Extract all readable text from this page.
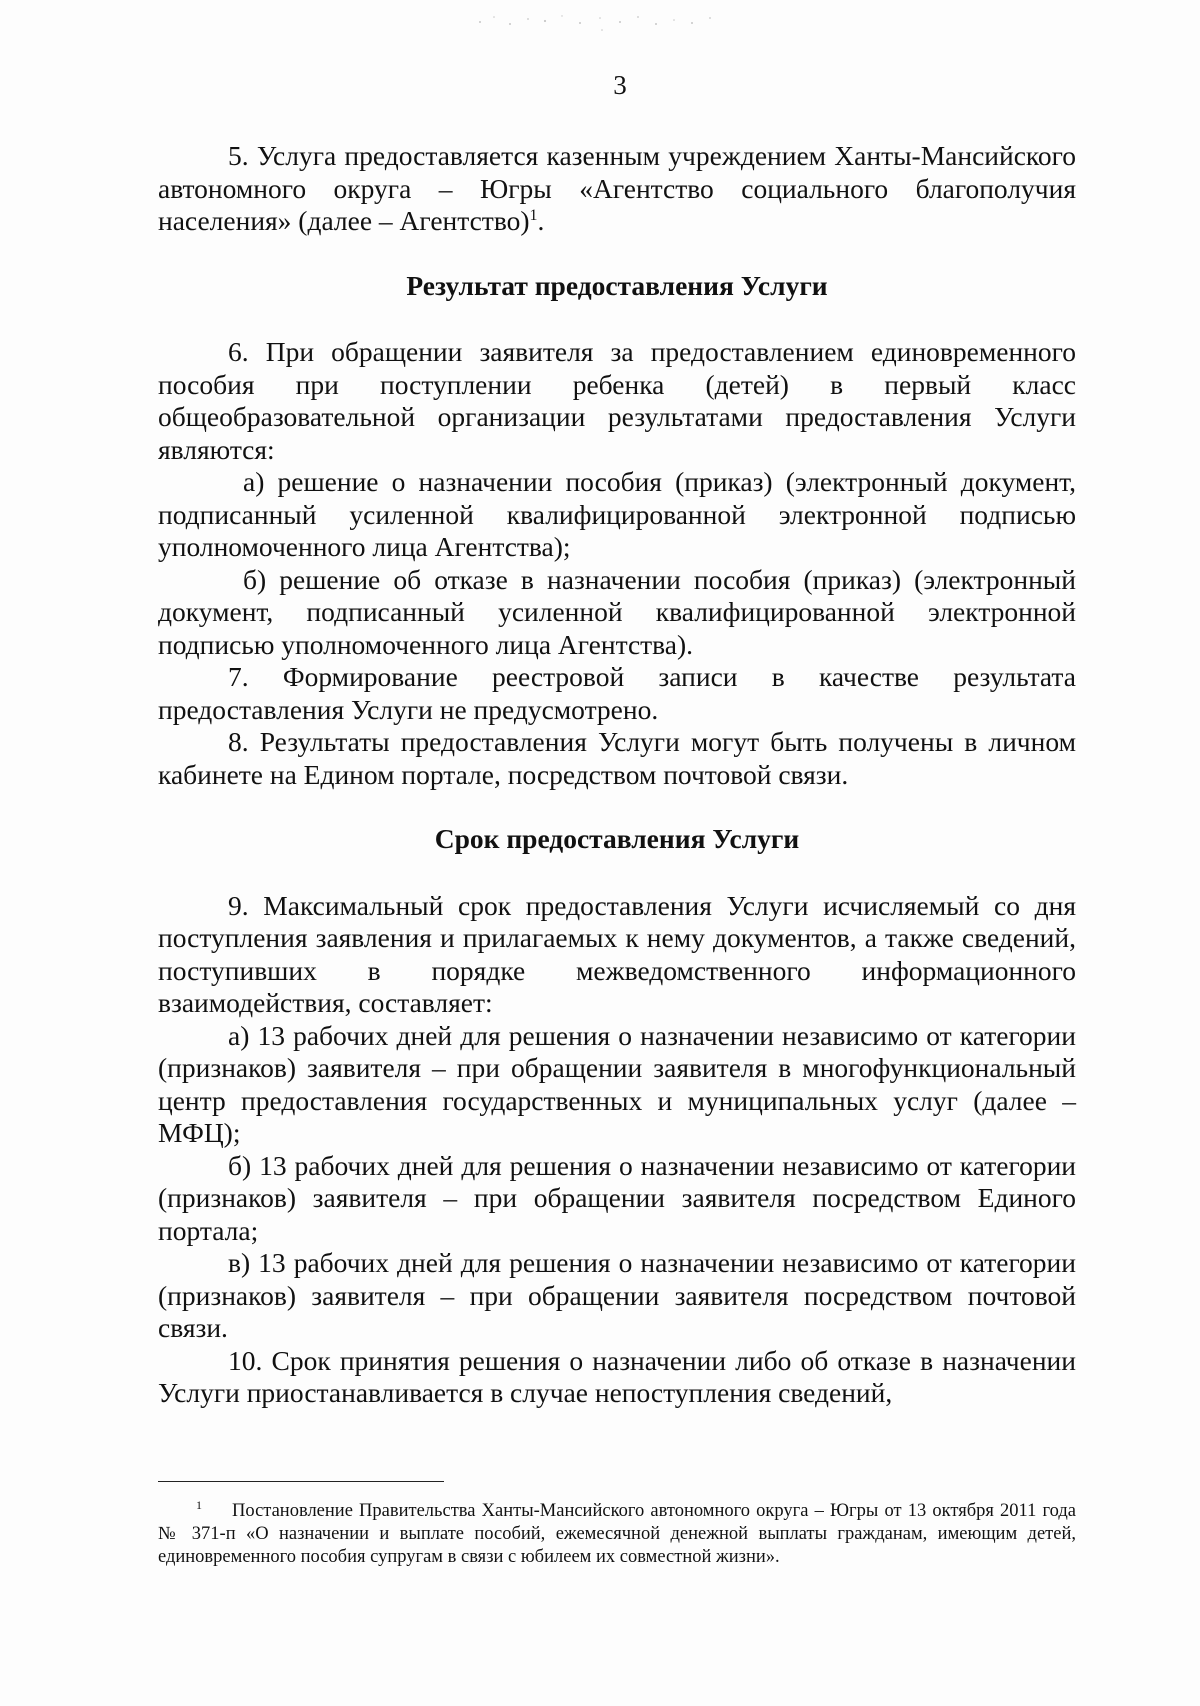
3

5. Услуга предоставляется казенным учреждением Ханты-Мансийского автономного округа – Югры «Агентство социального благополучия населения» (далее – Агентство)$^1$.

Результат предоставления Услуги

6. При обращении заявителя за предоставлением единовременного пособия при поступлении ребенка (детей) в первый класс общеобразовательной организации результатами предоставления Услуги являются:

а) решение о назначении пособия (приказ) (электронный документ, подписанный усиленной квалифицированной электронной подписью уполномоченного лица Агентства);

б) решение об отказе в назначении пособия (приказ) (электронный документ, подписанный усиленной квалифицированной электронной подписью уполномоченного лица Агентства).

7. Формирование реестровой записи в качестве результата предоставления Услуги не предусмотрено.

8. Результаты предоставления Услуги могут быть получены в личном кабинете на Едином портале, посредством почтовой связи.

Срок предоставления Услуги

9. Максимальный срок предоставления Услуги исчисляемый со дня поступления заявления и прилагаемых к нему документов, а также сведений, поступивших в порядке межведомственного информационного взаимодействия, составляет:

а) 13 рабочих дней для решения о назначении независимо от категории (признаков) заявителя – при обращении заявителя в многофункциональный центр предоставления государственных и муниципальных услуг (далее – МФЦ);

б) 13 рабочих дней для решения о назначении независимо от категории (признаков) заявителя – при обращении заявителя посредством Единого портала;

в) 13 рабочих дней для решения о назначении независимо от категории (признаков) заявителя – при обращении заявителя посредством почтовой связи.

10. Срок принятия решения о назначении либо об отказе в назначении Услуги приостанавливается в случае непоступления сведений,

$^1$ Постановление Правительства Ханты-Мансийского автономного округа – Югры от 13 октября 2011 года № 371-п «О назначении и выплате пособий, ежемесячной денежной выплаты гражданам, имеющим детей, единовременного пособия супругам в связи с юбилеем их совместной жизни».
